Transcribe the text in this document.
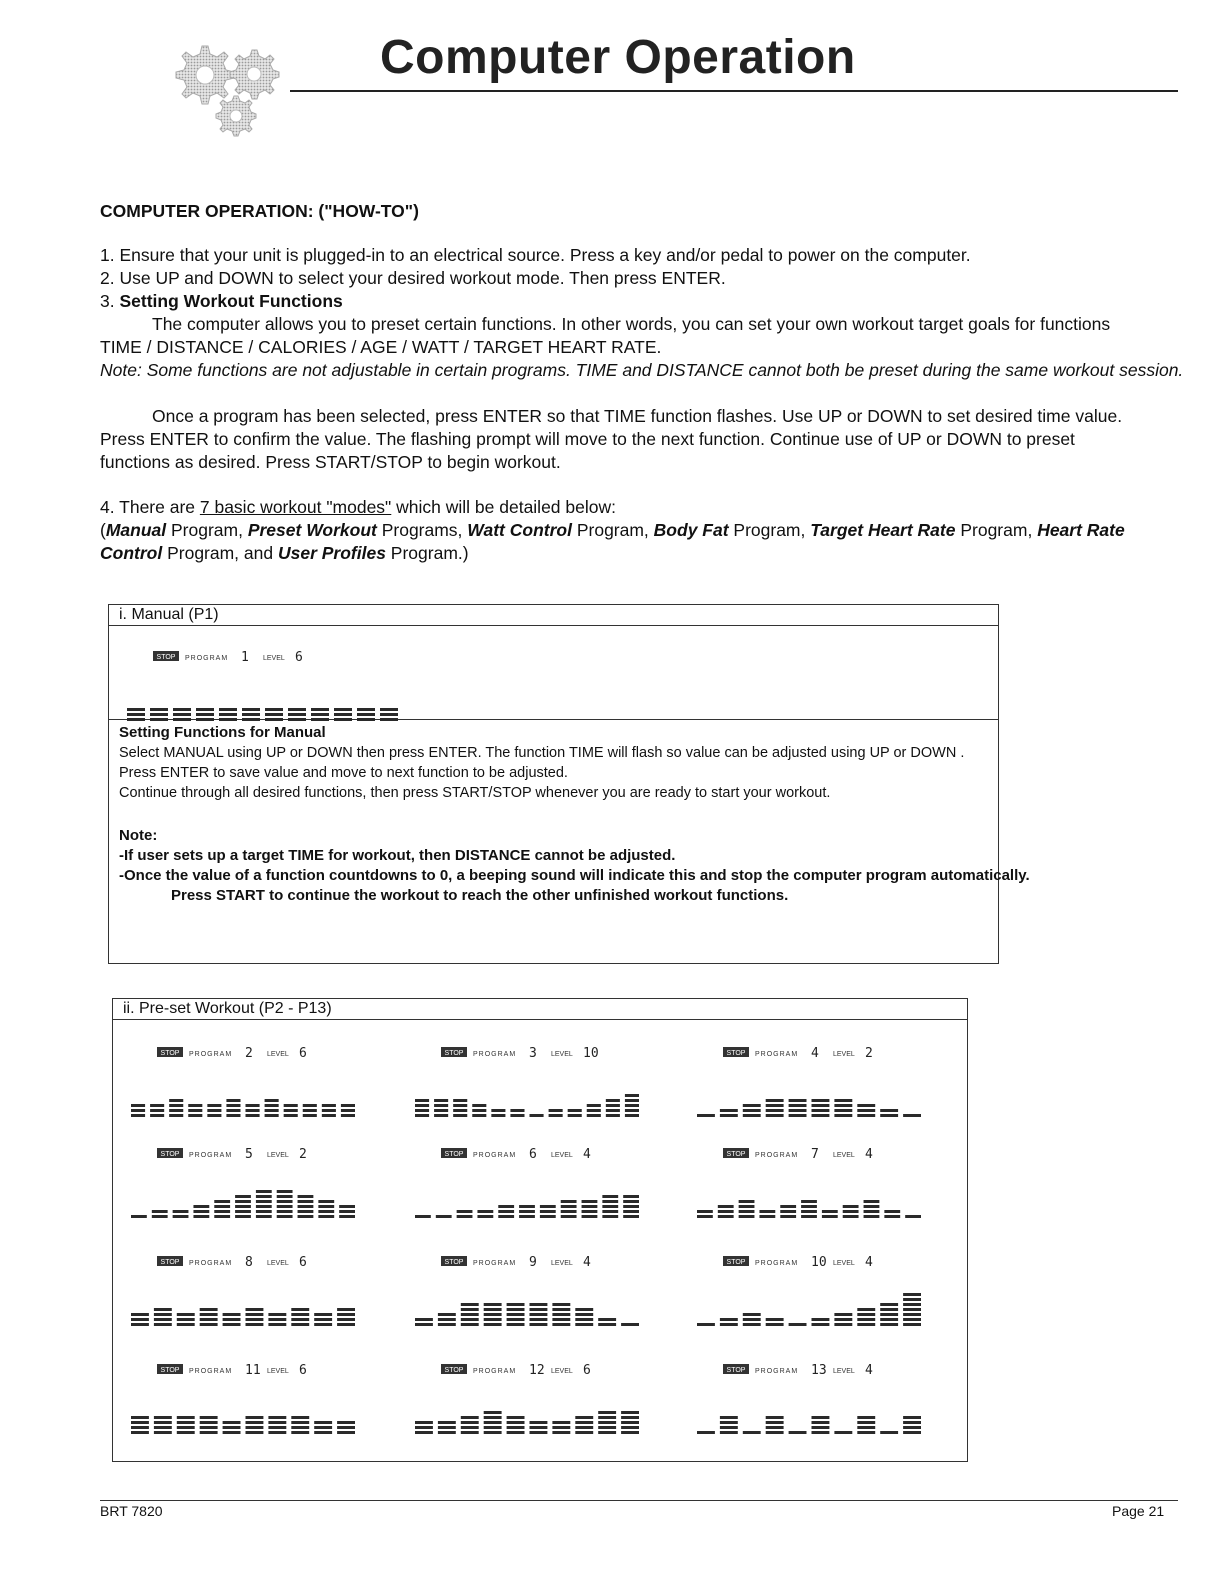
Computer Operation
COMPUTER OPERATION: ("HOW-TO")
1. Ensure that your unit is plugged-in to an electrical source. Press a key and/or pedal to power on the computer.
2. Use UP and DOWN to select your desired workout mode. Then press ENTER.
3. Setting Workout Functions
The computer allows you to preset certain functions. In other words, you can set your own workout target goals for functions TIME / DISTANCE / CALORIES / AGE / WATT / TARGET HEART RATE.
Note: Some functions are not adjustable in certain programs. TIME and DISTANCE cannot both be preset during the same workout session.
Once a program has been selected, press ENTER so that TIME function flashes. Use UP or DOWN to set desired time value. Press ENTER to confirm the value. The flashing prompt will move to the next function. Continue use of UP or DOWN to preset functions as desired. Press START/STOP to begin workout.
4. There are 7 basic workout "modes" which will be detailed below:
(Manual Program, Preset Workout Programs, Watt Control Program, Body Fat Program, Target Heart Rate Program, Heart Rate Control Program, and User Profiles Program.)
i. Manual (P1)
STOP PROGRAM 1 LEVEL 6
Setting Functions for Manual
Select MANUAL using UP or DOWN then press ENTER. The function TIME will flash so value can be adjusted using UP or DOWN . Press ENTER to save value and move to next function to be adjusted.
Continue through all desired functions, then press START/STOP whenever you are ready to start your workout.
Note:
-If user sets up a target TIME for workout, then DISTANCE cannot be adjusted.
-Once the value of a function countdowns to 0, a beeping sound will indicate this and stop the computer program automatically. Press START to continue the workout to reach the other unfinished workout functions.
ii. Pre-set Workout (P2 - P13)
STOP PROGRAM 2 LEVEL 6	STOP PROGRAM 3 LEVEL 10	STOP PROGRAM 4 LEVEL 2
STOP PROGRAM 5 LEVEL 2	STOP PROGRAM 6 LEVEL 4	STOP PROGRAM 7 LEVEL 4
STOP PROGRAM 8 LEVEL 6	STOP PROGRAM 9 LEVEL 4	STOP PROGRAM 10 LEVEL 4
STOP PROGRAM 11 LEVEL 6	STOP PROGRAM 12 LEVEL 6	STOP PROGRAM 13 LEVEL 4
BRT 7820	Page 21
